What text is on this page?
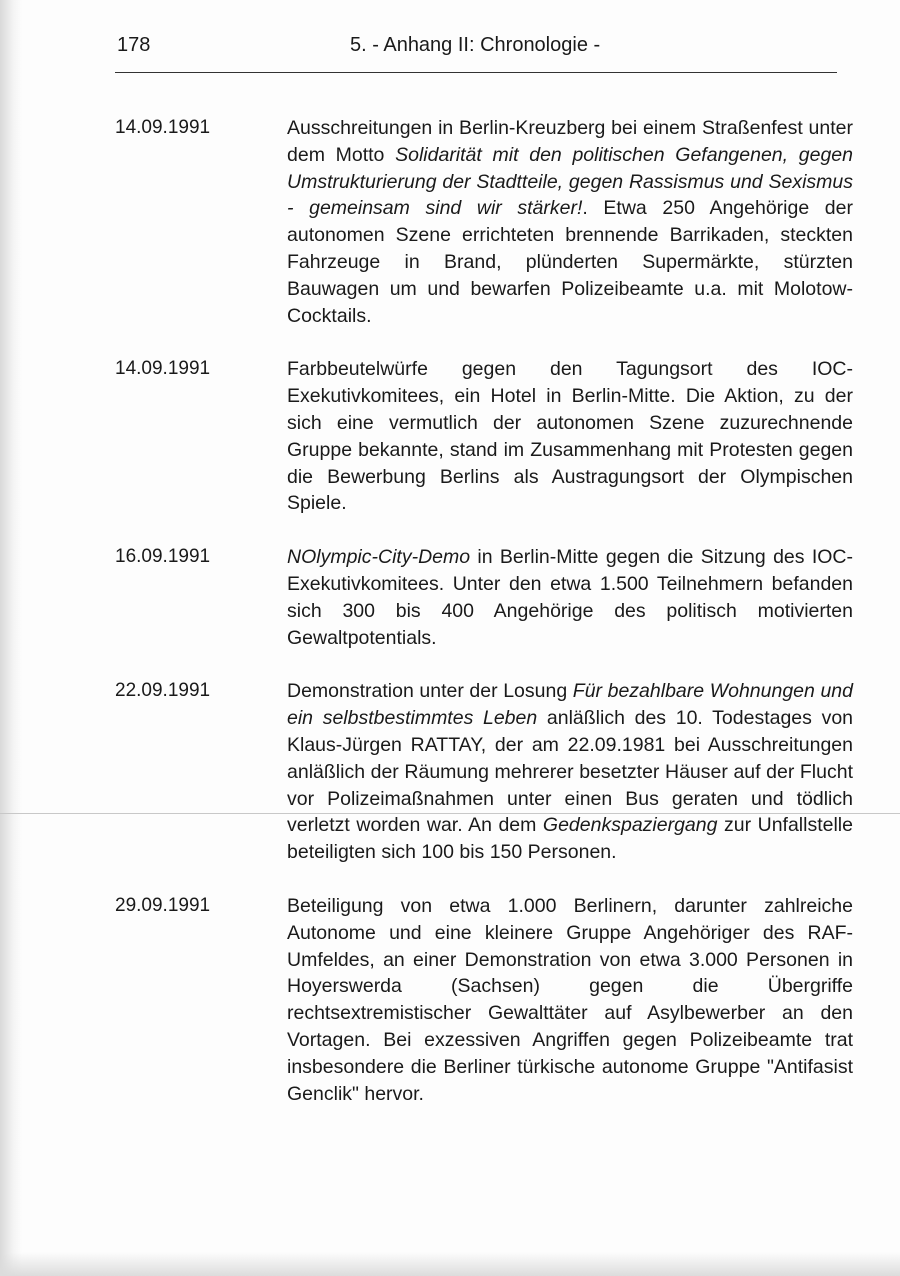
178	5. - Anhang II: Chronologie -
14.09.1991	Ausschreitungen in Berlin-Kreuzberg bei einem Straßenfest unter dem Motto Solidarität mit den politischen Gefangenen, gegen Umstrukturierung der Stadtteile, gegen Rassismus und Sexismus - gemeinsam sind wir stärker!. Etwa 250 Angehörige der autonomen Szene errichteten brennende Barrikaden, steckten Fahrzeuge in Brand, plünderten Supermärkte, stürzten Bauwagen um und bewarfen Polizeibeamte u.a. mit Molotow-Cocktails.
14.09.1991	Farbbeutelwürfe gegen den Tagungsort des IOC-Exekutivkomitees, ein Hotel in Berlin-Mitte. Die Aktion, zu der sich eine vermutlich der autonomen Szene zuzurechnende Gruppe bekannte, stand im Zusammenhang mit Protesten gegen die Bewerbung Berlins als Austragungsort der Olympischen Spiele.
16.09.1991	NOlympic-City-Demo in Berlin-Mitte gegen die Sitzung des IOC-Exekutivkomitees. Unter den etwa 1.500 Teilnehmern befanden sich 300 bis 400 Angehörige des politisch motivierten Gewaltpotentials.
22.09.1991	Demonstration unter der Losung Für bezahlbare Wohnungen und ein selbstbestimmtes Leben anläßlich des 10. Todestages von Klaus-Jürgen RATTAY, der am 22.09.1981 bei Ausschreitungen anläßlich der Räumung mehrerer besetzter Häuser auf der Flucht vor Polizeimaßnahmen unter einen Bus geraten und tödlich verletzt worden war. An dem Gedenkspaziergang zur Unfallstelle beteiligten sich 100 bis 150 Personen.
29.09.1991	Beteiligung von etwa 1.000 Berlinern, darunter zahlreiche Autonome und eine kleinere Gruppe Angehöriger des RAF-Umfeldes, an einer Demonstration von etwa 3.000 Personen in Hoyerswerda (Sachsen) gegen die Übergriffe rechtsextremistischer Gewalttäter auf Asylbewerber an den Vortagen. Bei exzessiven Angriffen gegen Polizeibeamte trat insbesondere die Berliner türkische autonome Gruppe "Antifasist Genclik" hervor.
